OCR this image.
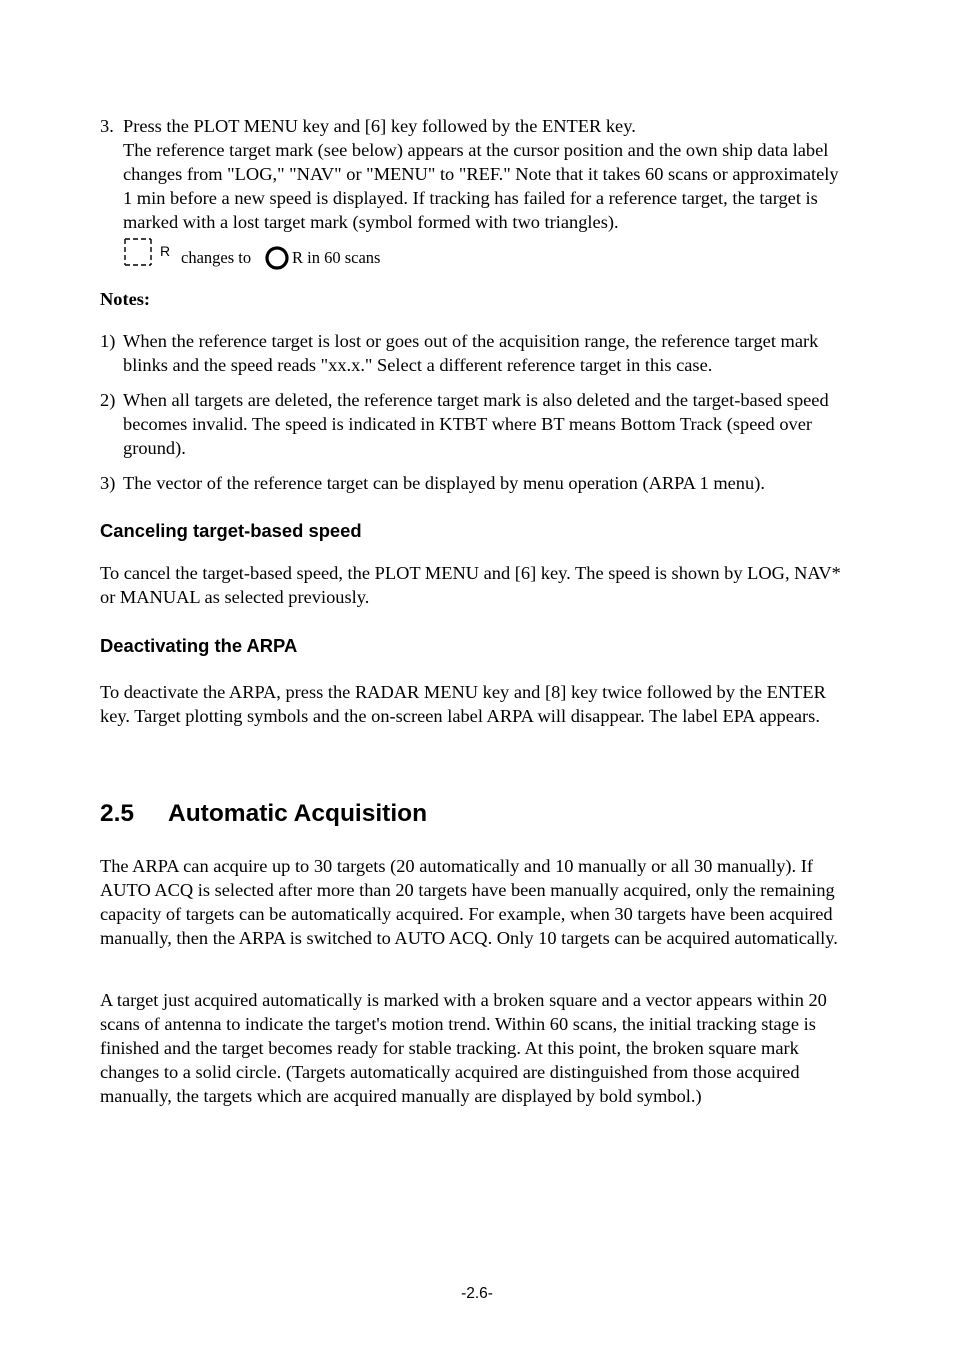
3. Press the PLOT MENU key and [6] key followed by the ENTER key.

The reference target mark (see below) appears at the cursor position and the own ship data label changes from "LOG," "NAV" or "MENU" to "REF." Note that it takes 60 scans or approximately 1 min before a new speed is displayed. If tracking has failed for a reference target, the target is marked with a lost target mark (symbol formed with two triangles).

R changes to R in 60 scans
Notes:
1) When the reference target is lost or goes out of the acquisition range, the reference target mark blinks and the speed reads "xx.x." Select a different reference target in this case.

2) When all targets are deleted, the reference target mark is also deleted and the target-based speed becomes invalid. The speed is indicated in KTBT where BT means Bottom Track (speed over ground).

3) The vector of the reference target can be displayed by menu operation (ARPA 1 menu).

Canceling target-based speed

To cancel the target-based speed, the PLOT MENU and [6] key. The speed is shown by LOG, NAV* or MANUAL as selected previously.

Deactivating the ARPA

To deactivate the ARPA, press the RADAR MENU key and [8] key twice followed by the ENTER key. Target plotting symbols and the on-screen label ARPA will disappear. The label EPA appears.

2.5 Automatic Acquisition

The ARPA can acquire up to 30 targets (20 automatically and 10 manually or all 30 manually). If AUTO ACQ is selected after more than 20 targets have been manually acquired, only the remaining capacity of targets can be automatically acquired. For example, when 30 targets have been acquired manually, then the ARPA is switched to AUTO ACQ. Only 10 targets can be acquired automatically.

A target just acquired automatically is marked with a broken square and a vector appears within 20 scans of antenna to indicate the target's motion trend. Within 60 scans, the initial tracking stage is finished and the target becomes ready for stable tracking. At this point, the broken square mark changes to a solid circle. (Targets automatically acquired are distinguished from those acquired manually, the targets which are acquired manually are displayed by bold symbol.)

-2.6-
